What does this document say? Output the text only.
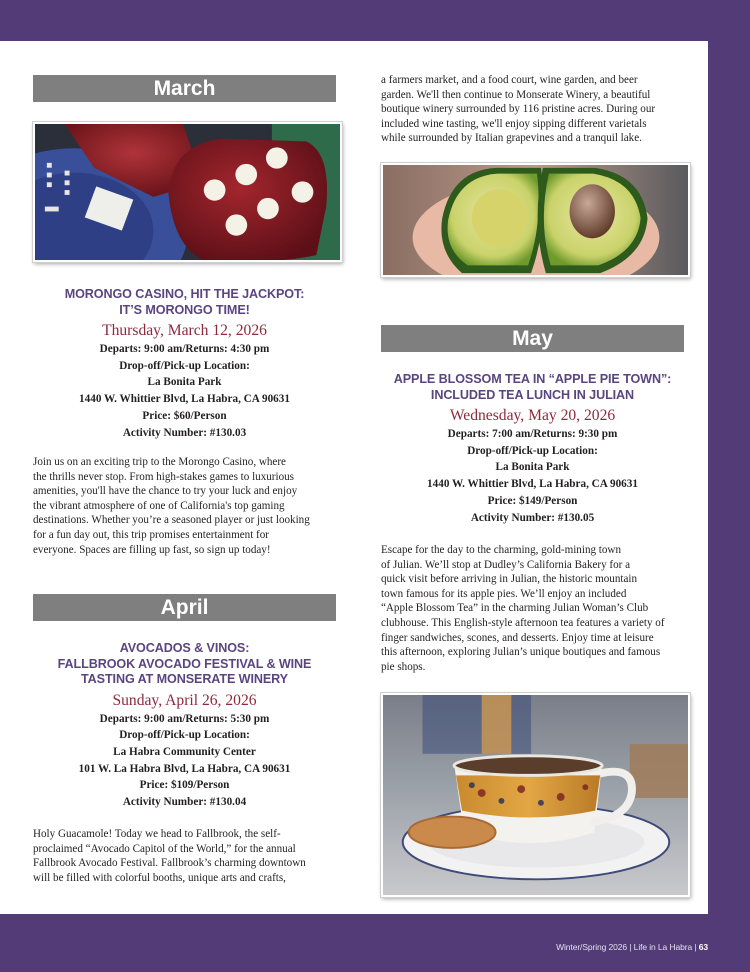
March
MORONGO CASINO, HIT THE JACKPOT:
IT’S MORONGO TIME!
Thursday, March 12, 2026
Departs: 9:00 am/Returns: 4:30 pm
Drop-off/Pick-up Location:
La Bonita Park
1440 W. Whittier Blvd, La Habra, CA 90631
Price: $60/Person
Activity Number: #130.03
Join us on an exciting trip to the Morongo Casino, where
the thrills never stop. From high-stakes games to luxurious
amenities, you'll have the chance to try your luck and enjoy
the vibrant atmosphere of one of California's top gaming
destinations. Whether you’re a seasoned player or just looking
for a fun day out, this trip promises entertainment for
everyone. Spaces are filling up fast, so sign up today!
April
AVOCADOS & VINOS:
FALLBROOK AVOCADO FESTIVAL & WINE
TASTING AT MONSERATE WINERY
Sunday, April 26, 2026
Departs: 9:00 am/Returns: 5:30 pm
Drop-off/Pick-up Location:
La Habra Community Center
101 W. La Habra Blvd, La Habra, CA 90631
Price: $109/Person
Activity Number: #130.04
Holy Guacamole! Today we head to Fallbrook, the self-
proclaimed “Avocado Capitol of the World,” for the annual
Fallbrook Avocado Festival. Fallbrook’s charming downtown
will be filled with colorful booths, unique arts and crafts,
a farmers market, and a food court, wine garden, and beer
garden. We'll then continue to Monserate Winery, a beautiful
boutique winery surrounded by 116 pristine acres. During our
included wine tasting, we'll enjoy sipping different varietals
while surrounded by Italian grapevines and a tranquil lake.
May
APPLE BLOSSOM TEA IN “APPLE PIE TOWN”:
INCLUDED TEA LUNCH IN JULIAN
Wednesday, May 20, 2026
Departs: 7:00 am/Returns: 9:30 pm
Drop-off/Pick-up Location:
La Bonita Park
1440 W. Whittier Blvd, La Habra, CA 90631
Price: $149/Person
Activity Number: #130.05
Escape for the day to the charming, gold-mining town
of Julian. We’ll stop at Dudley’s California Bakery for a
quick visit before arriving in Julian, the historic mountain
town famous for its apple pies. We’ll enjoy an included
“Apple Blossom Tea” in the charming Julian Woman’s Club
clubhouse. This English-style afternoon tea features a variety of
finger sandwiches, scones, and desserts. Enjoy time at leisure
this afternoon, exploring Julian’s unique boutiques and famous
pie shops.
Winter/Spring 2026 | Life in La Habra | 63
